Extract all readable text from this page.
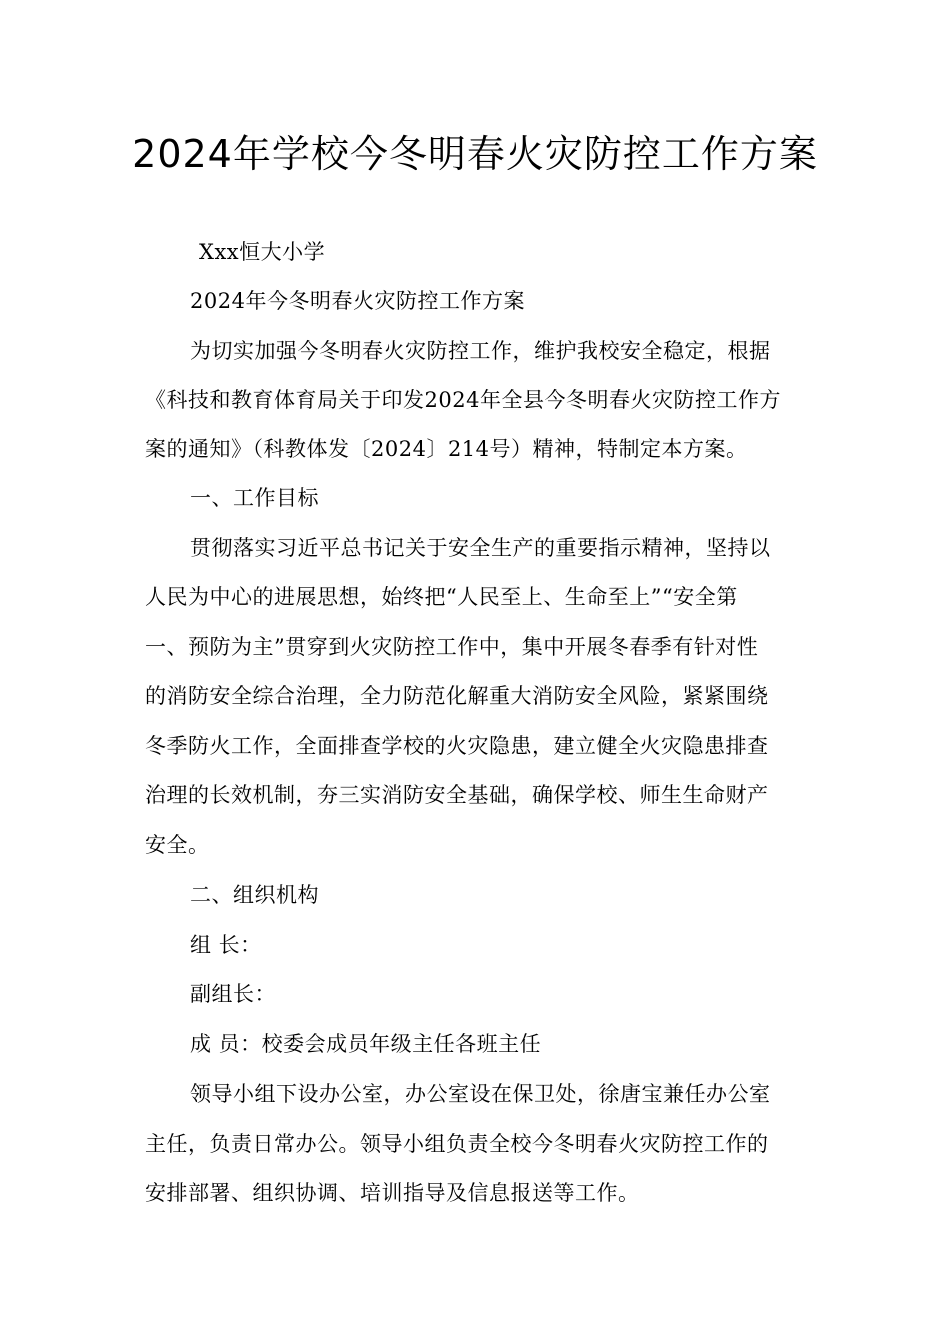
2024年学校今冬明春火灾防控工作方案

Xxx恒大小学

2024年今冬明春火灾防控工作方案

为切实加强今冬明春火灾防控工作，维护我校安全稳定，根据

《科技和教育体育局关于印发2024年全县今冬明春火灾防控工作方

案的通知》（科教体发〔2024〕214号）精神，特制定本方案。

一、工作目标

贯彻落实习近平总书记关于安全生产的重要指示精神，坚持以

人民为中心的进展思想，始终把“人民至上、生命至上”“安全第

一、预防为主”贯穿到火灾防控工作中，集中开展冬春季有针对性

的消防安全综合治理，全力防范化解重大消防安全风险，紧紧围绕

冬季防火工作，全面排查学校的火灾隐患，建立健全火灾隐患排查

治理的长效机制，夯三实消防安全基础，确保学校、师生生命财产

安全。

二、组织机构

组 长：

副组长：

成 员：校委会成员年级主任各班主任

领导小组下设办公室，办公室设在保卫处，徐唐宝兼任办公室

主任，负责日常办公。领导小组负责全校今冬明春火灾防控工作的

安排部署、组织协调、培训指导及信息报送等工作。
